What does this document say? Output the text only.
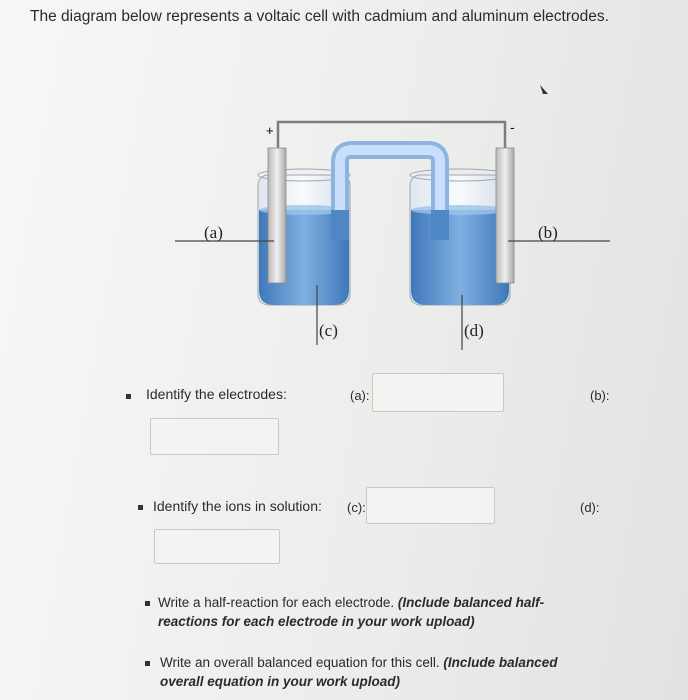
The diagram below represents a voltaic cell with cadmium and aluminum electrodes.
+	-
(a)	(b)
(c)	(d)
Identify the electrodes:	(a):	(b):
Identify the ions in solution: (c):	(d):
Write a half-reaction for each electrode. (Include balanced half-
reactions for each electrode in your work upload)
Write an overall balanced equation for this cell. (Include balanced
overall equation in your work upload)
